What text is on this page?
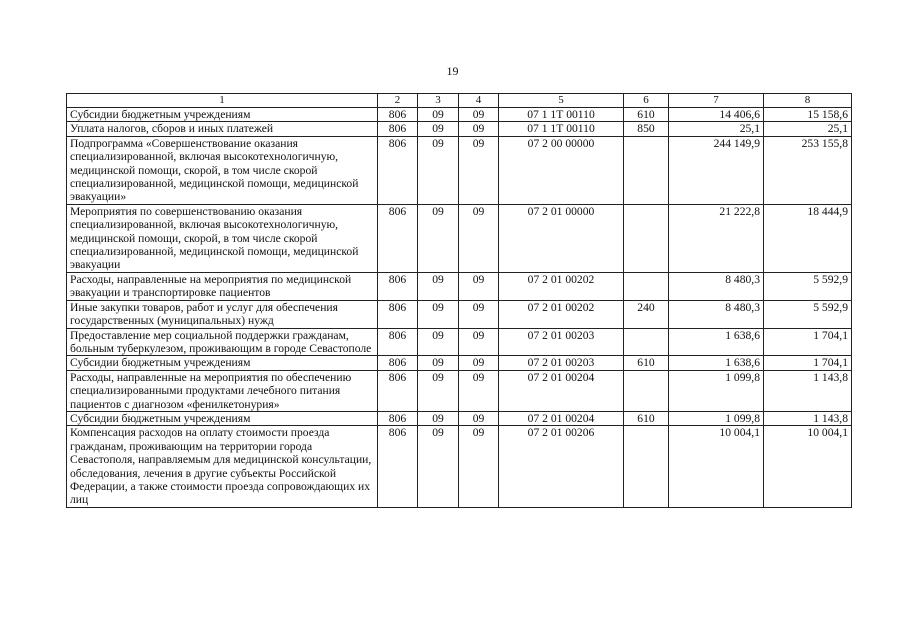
19
1	2	3	4	5	6	7	8
Субсидии бюджетным учреждениям	806	09	09	07 1 1Т 00110	610	14 406,6	15 158,6
Уплата налогов, сборов и иных платежей	806	09	09	07 1 1Т 00110	850	25,1	25,1
Подпрограмма «Совершенствование оказания специализированной, включая высокотехнологичную, медицинской помощи, скорой, в том числе скорой специализированной, медицинской помощи, медицинской эвакуации»	806	09	09	07 2 00 00000		244 149,9	253 155,8
Мероприятия по совершенствованию оказания специализированной, включая высокотехнологичную, медицинской помощи, скорой, в том числе скорой специализированной, медицинской помощи, медицинской эвакуации	806	09	09	07 2 01 00000		21 222,8	18 444,9
Расходы, направленные на мероприятия по медицинской эвакуации и транспортировке пациентов	806	09	09	07 2 01 00202		8 480,3	5 592,9
Иные закупки товаров, работ и услуг для обеспечения государственных (муниципальных) нужд	806	09	09	07 2 01 00202	240	8 480,3	5 592,9
Предоставление мер социальной поддержки гражданам, больным туберкулезом, проживающим в городе Севастополе	806	09	09	07 2 01 00203		1 638,6	1 704,1
Субсидии бюджетным учреждениям	806	09	09	07 2 01 00203	610	1 638,6	1 704,1
Расходы, направленные на мероприятия по обеспечению специализированными продуктами лечебного питания пациентов с диагнозом «фенилкетонурия»	806	09	09	07 2 01 00204		1 099,8	1 143,8
Субсидии бюджетным учреждениям	806	09	09	07 2 01 00204	610	1 099,8	1 143,8
Компенсация расходов на оплату стоимости проезда гражданам, проживающим на территории города Севастополя, направляемым для медицинской консультации, обследования, лечения в другие субъекты Российской Федерации, а также стоимости проезда сопровождающих их лиц	806	09	09	07 2 01 00206		10 004,1	10 004,1
